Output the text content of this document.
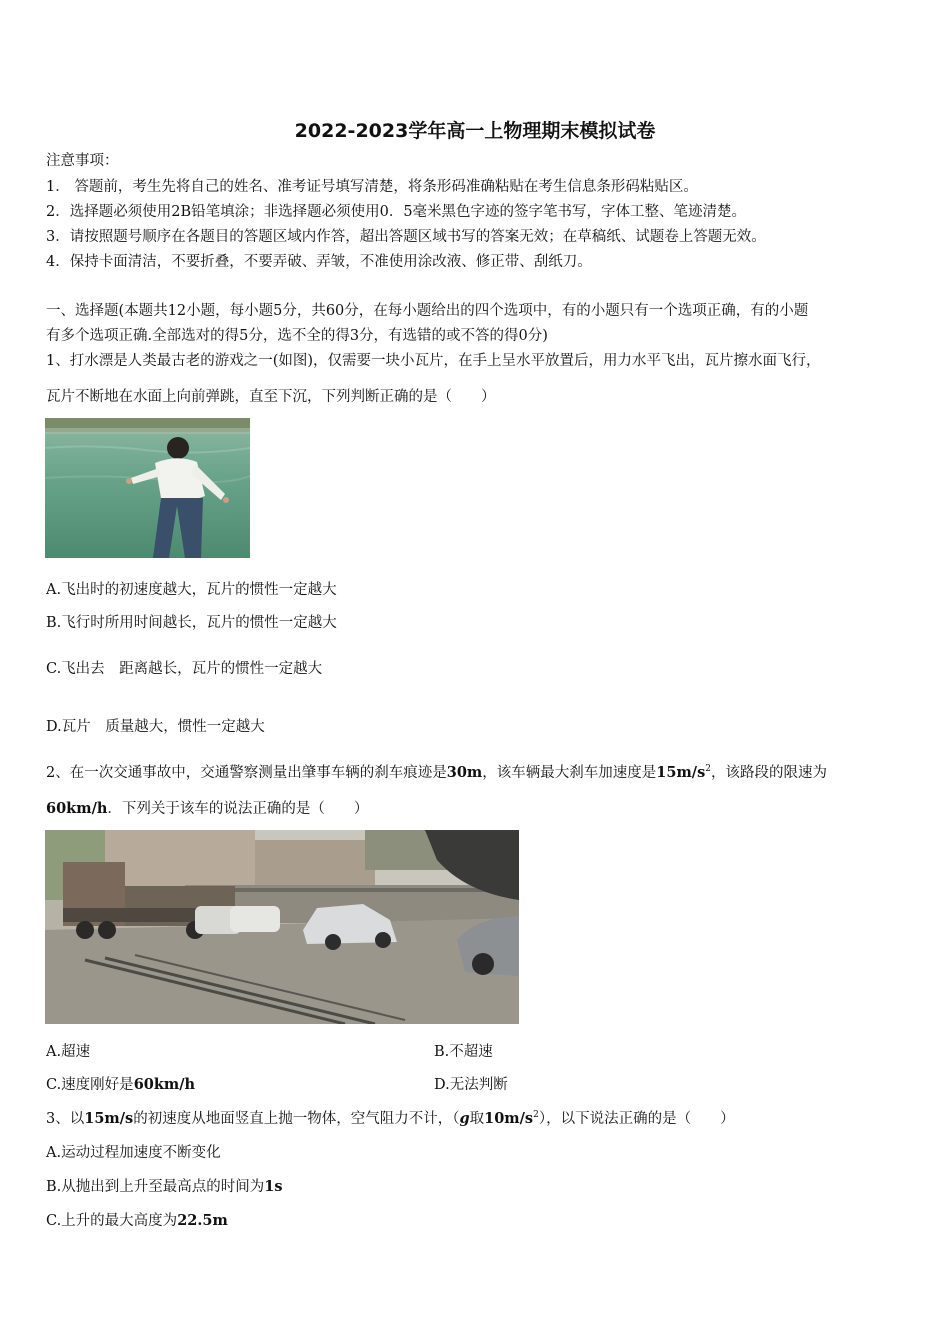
2022-2023学年高一上物理期末模拟试卷
注意事项：
1． 答题前，考生先将自己的姓名、准考证号填写清楚，将条形码准确粘贴在考生信息条形码粘贴区。
2．选择题必须使用2B铅笔填涂；非选择题必须使用0．5毫米黑色字迹的签字笔书写，字体工整、笔迹清楚。
3．请按照题号顺序在各题目的答题区域内作答，超出答题区域书写的答案无效；在草稿纸、试题卷上答题无效。
4．保持卡面清洁，不要折叠，不要弄破、弄皱，不准使用涂改液、修正带、刮纸刀。
一、选择题(本题共12小题，每小题5分，共60分，在每小题给出的四个选项中，有的小题只有一个选项正确，有的小题
有多个选项正确.全部选对的得5分，选不全的得3分，有选错的或不答的得0分)
1、打水漂是人类最古老的游戏之一(如图)，仅需要一块小瓦片，在手上呈水平放置后，用力水平飞出，瓦片擦水面飞行，
瓦片不断地在水面上向前弹跳，直至下沉，下列判断正确的是（　　）
A.飞出时的初速度越大，瓦片的惯性一定越大
B.飞行时所用时间越长，瓦片的惯性一定越大
C.飞出去　距离越长，瓦片的惯性一定越大
D.瓦片　质量越大，惯性一定越大
2、在一次交通事故中，交通警察测量出肇事车辆的刹车痕迹是30m，该车辆最大刹车加速度是$15m/s^2$，该路段的限速为
60km/h．下列关于该车的说法正确的是（　　）
A.超速	B.不超速
C.速度刚好是60km/h	D.无法判断
3、以15m/s的初速度从地面竖直上抛一物体，空气阻力不计，（g取$10m/s^2$），以下说法正确的是（　　）
A.运动过程加速度不断变化
B.从抛出到上升至最高点的时间为1s
C.上升的最大高度为22.5m
